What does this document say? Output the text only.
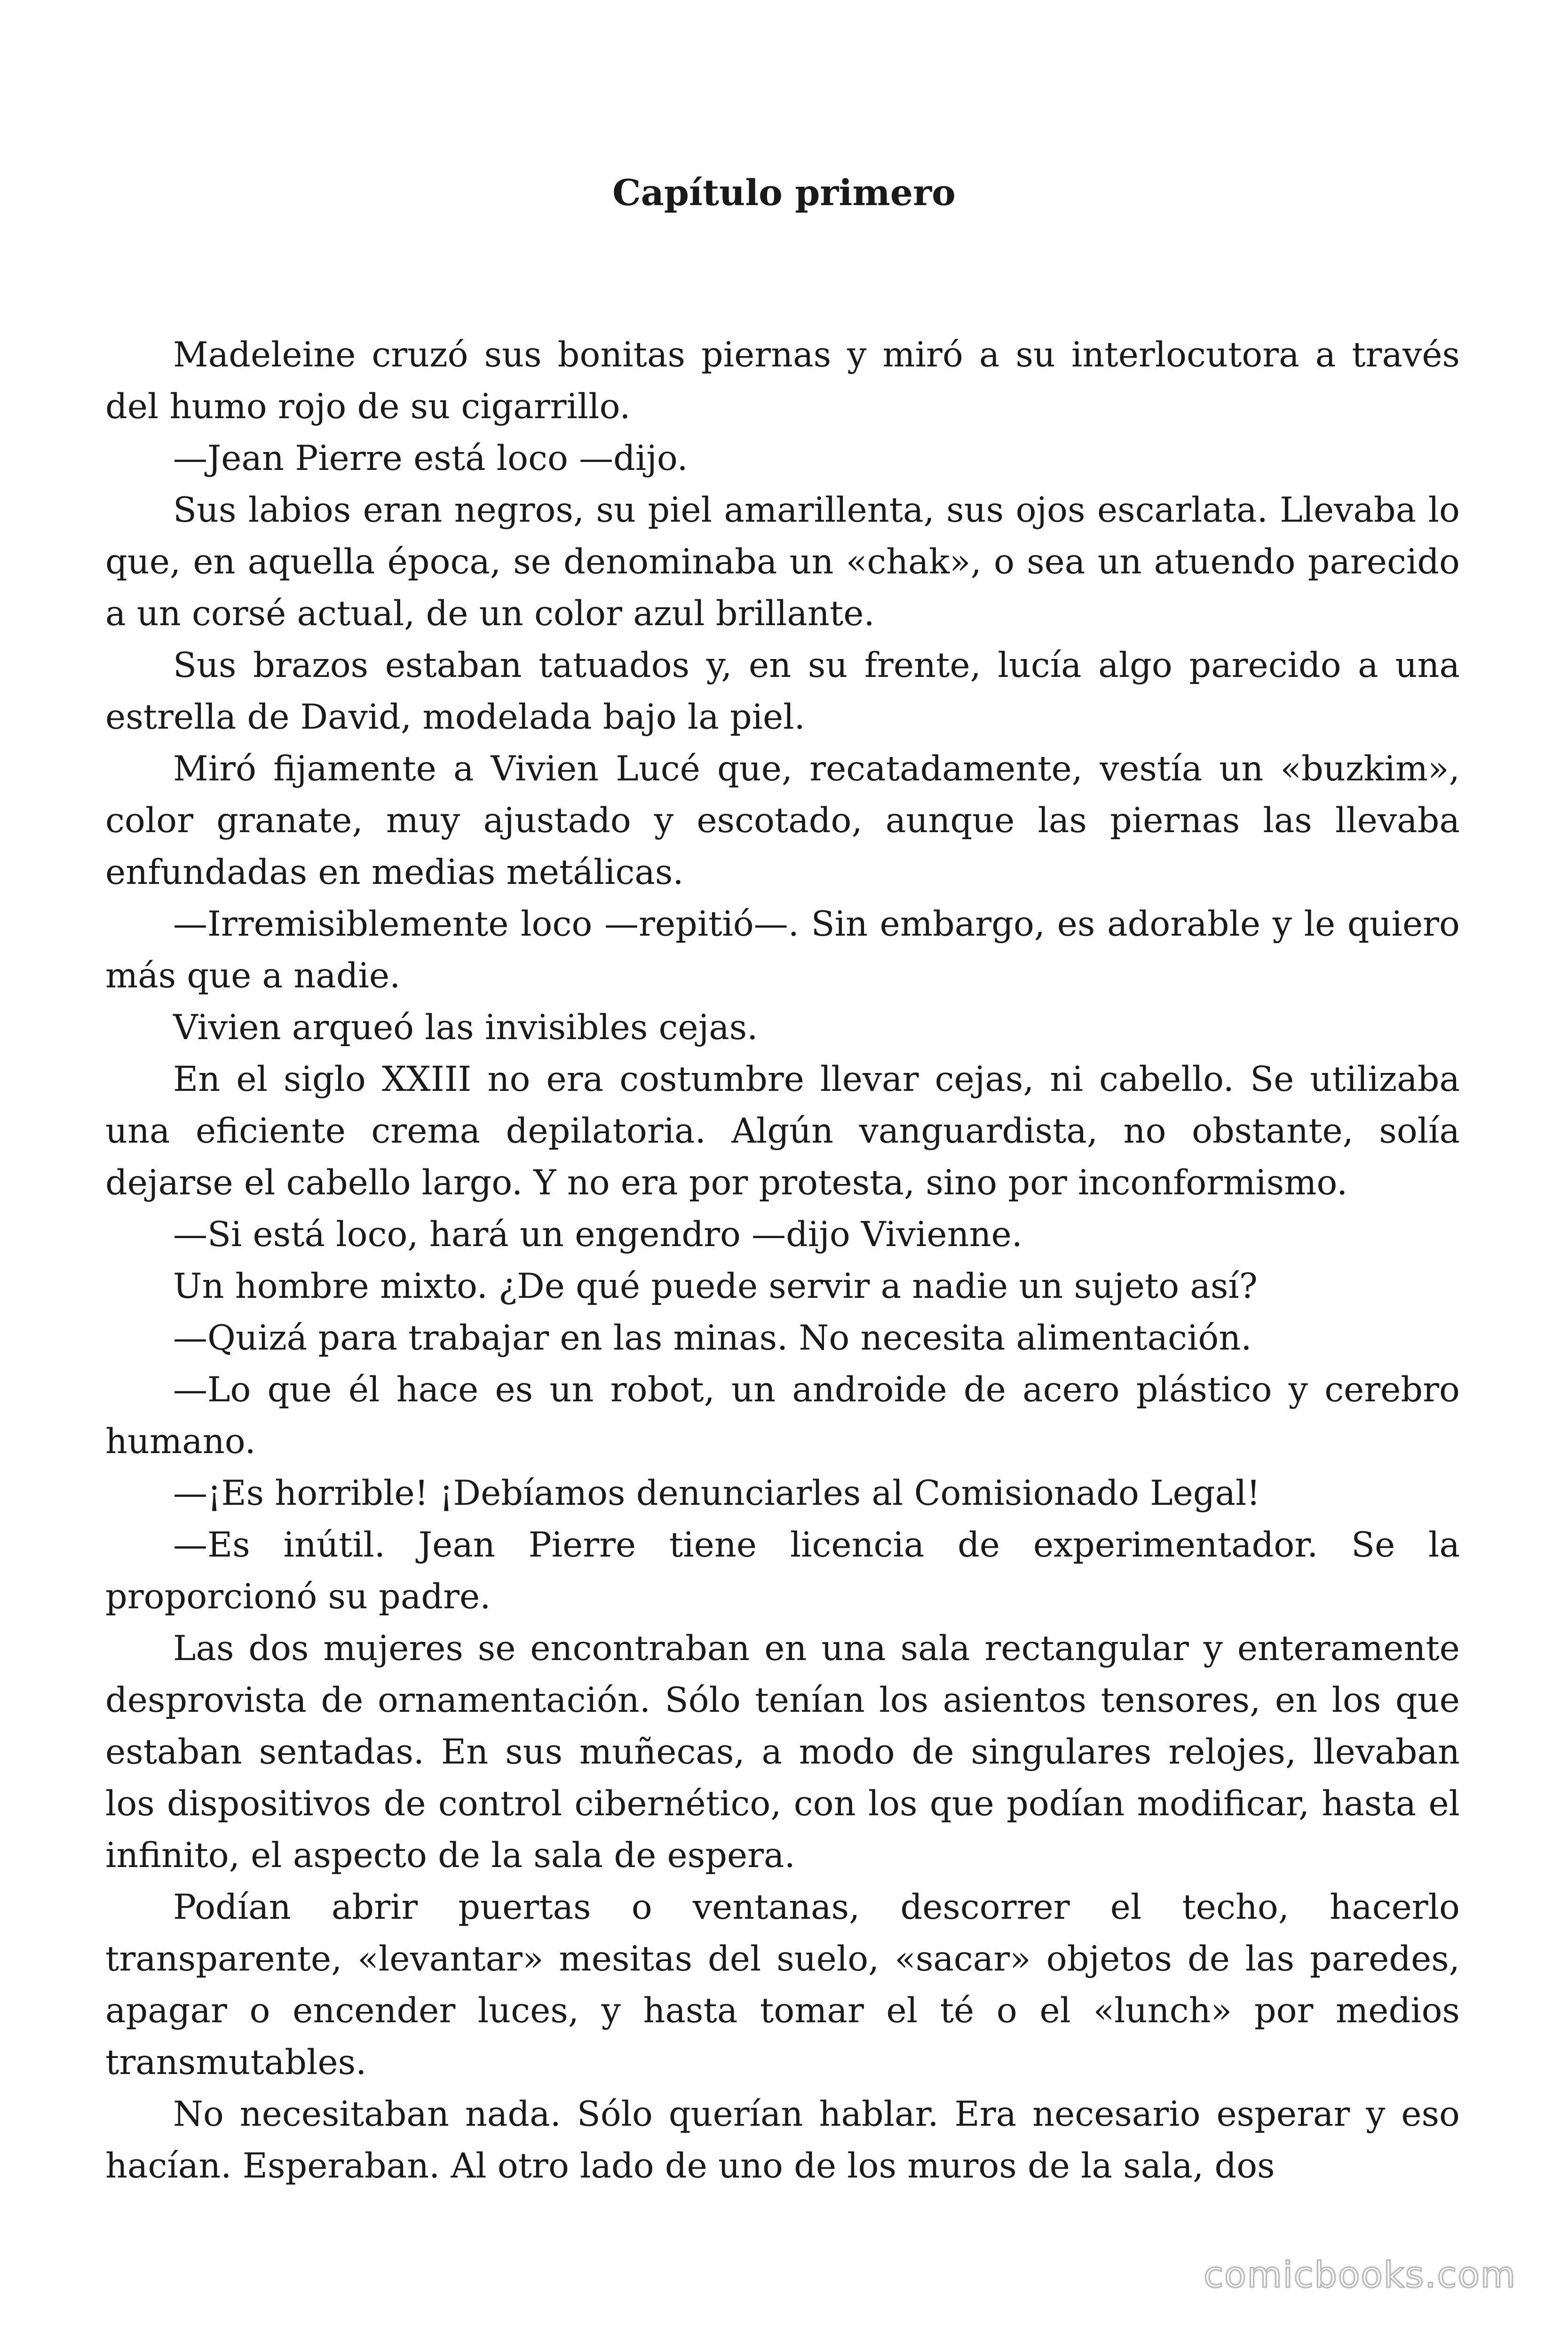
Capítulo primero

Madeleine cruzó sus bonitas piernas y miró a su interlocutora a través del humo rojo de su cigarrillo.

—Jean Pierre está loco —dijo.

Sus labios eran negros, su piel amarillenta, sus ojos escarlata. Llevaba lo que, en aquella época, se denominaba un «chak», o sea un atuendo parecido a un corsé actual, de un color azul brillante.

Sus brazos estaban tatuados y, en su frente, lucía algo parecido a una estrella de David, modelada bajo la piel.

Miró fijamente a Vivien Lucé que, recatadamente, vestía un «buzkim», color granate, muy ajustado y escotado, aunque las piernas las llevaba enfundadas en medias metálicas.

—Irremisiblemente loco —repitió—. Sin embargo, es adorable y le quiero más que a nadie.

Vivien arqueó las invisibles cejas.

En el siglo XXIII no era costumbre llevar cejas, ni cabello. Se utilizaba una eficiente crema depilatoria. Algún vanguardista, no obstante, solía dejarse el cabello largo. Y no era por protesta, sino por inconformismo.

—Si está loco, hará un engendro —dijo Vivienne.

Un hombre mixto. ¿De qué puede servir a nadie un sujeto así?

—Quizá para trabajar en las minas. No necesita alimentación.

—Lo que él hace es un robot, un androide de acero plástico y cerebro humano.

—¡Es horrible! ¡Debíamos denunciarles al Comisionado Legal!

—Es inútil. Jean Pierre tiene licencia de experimentador. Se la proporcionó su padre.

Las dos mujeres se encontraban en una sala rectangular y enteramente desprovista de ornamentación. Sólo tenían los asientos tensores, en los que estaban sentadas. En sus muñecas, a modo de singulares relojes, llevaban los dispositivos de control cibernético, con los que podían modificar, hasta el infinito, el aspecto de la sala de espera.

Podían abrir puertas o ventanas, descorrer el techo, hacerlo transparente, «levantar» mesitas del suelo, «sacar» objetos de las paredes, apagar o encender luces, y hasta tomar el té o el «lunch» por medios transmutables.

No necesitaban nada. Sólo querían hablar. Era necesario esperar y eso hacían. Esperaban. Al otro lado de uno de los muros de la sala, dos

comicbooks.com
